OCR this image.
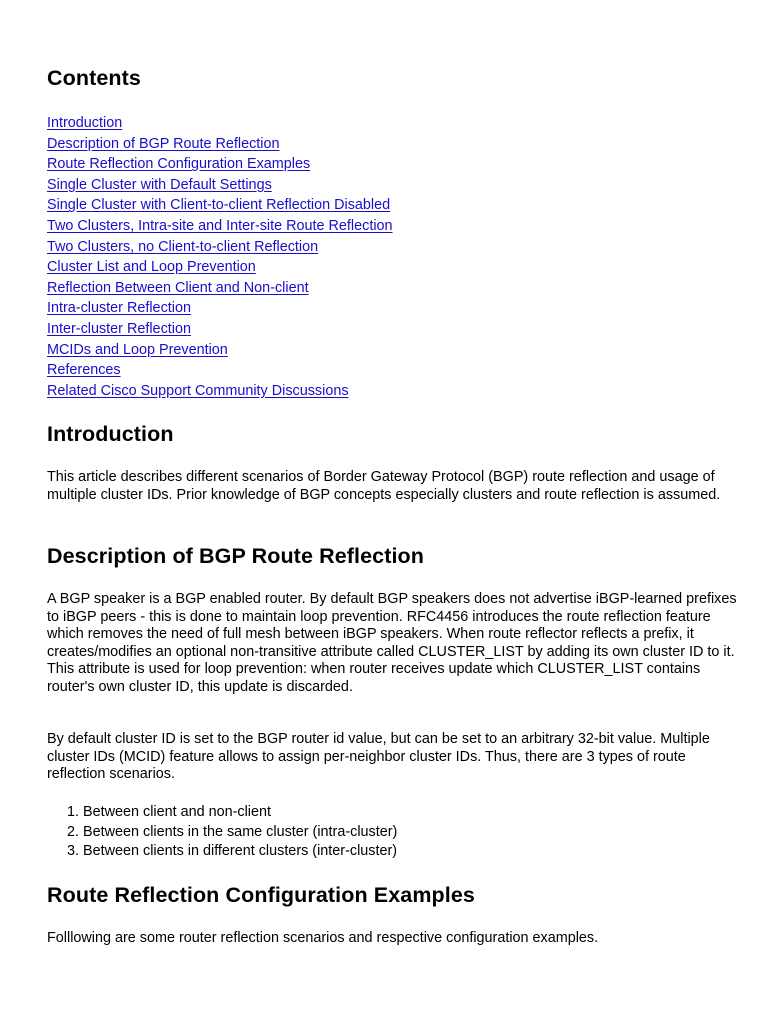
Contents
Introduction
Description of BGP Route Reflection
Route Reflection Configuration Examples
Single Cluster with Default Settings
Single Cluster with Client-to-client Reflection Disabled
Two Clusters, Intra-site and Inter-site Route Reflection
Two Clusters, no Client-to-client Reflection
Cluster List and Loop Prevention
Reflection Between Client and Non-client
Intra-cluster Reflection
Inter-cluster Reflection
MCIDs and Loop Prevention
References
Related Cisco Support Community Discussions
Introduction

This article describes different scenarios of Border Gateway Protocol (BGP) route reflection and usage of multiple cluster IDs. Prior knowledge of BGP concepts especially clusters and route reflection is assumed.

Description of BGP Route Reflection

A BGP speaker is a BGP enabled router. By default BGP speakers does not advertise iBGP-learned prefixes to iBGP peers - this is done to maintain loop prevention. RFC4456 introduces the route reflection feature which removes the need of full mesh between iBGP speakers. When route reflector reflects a prefix, it creates/modifies an optional non-transitive attribute called CLUSTER_LIST by adding its own cluster ID to it. This attribute is used for loop prevention: when router receives update which CLUSTER_LIST contains router's own cluster ID, this update is discarded.

By default cluster ID is set to the BGP router id value, but can be set to an arbitrary 32-bit value. Multiple cluster IDs (MCID) feature allows to assign per-neighbor cluster IDs. Thus, there are 3 types of route reflection scenarios.

1. Between client and non-client
2. Between clients in the same cluster (intra-cluster)
3. Between clients in different clusters (inter-cluster)
Route Reflection Configuration Examples

Folllowing are some router reflection scenarios and respective configuration examples.
